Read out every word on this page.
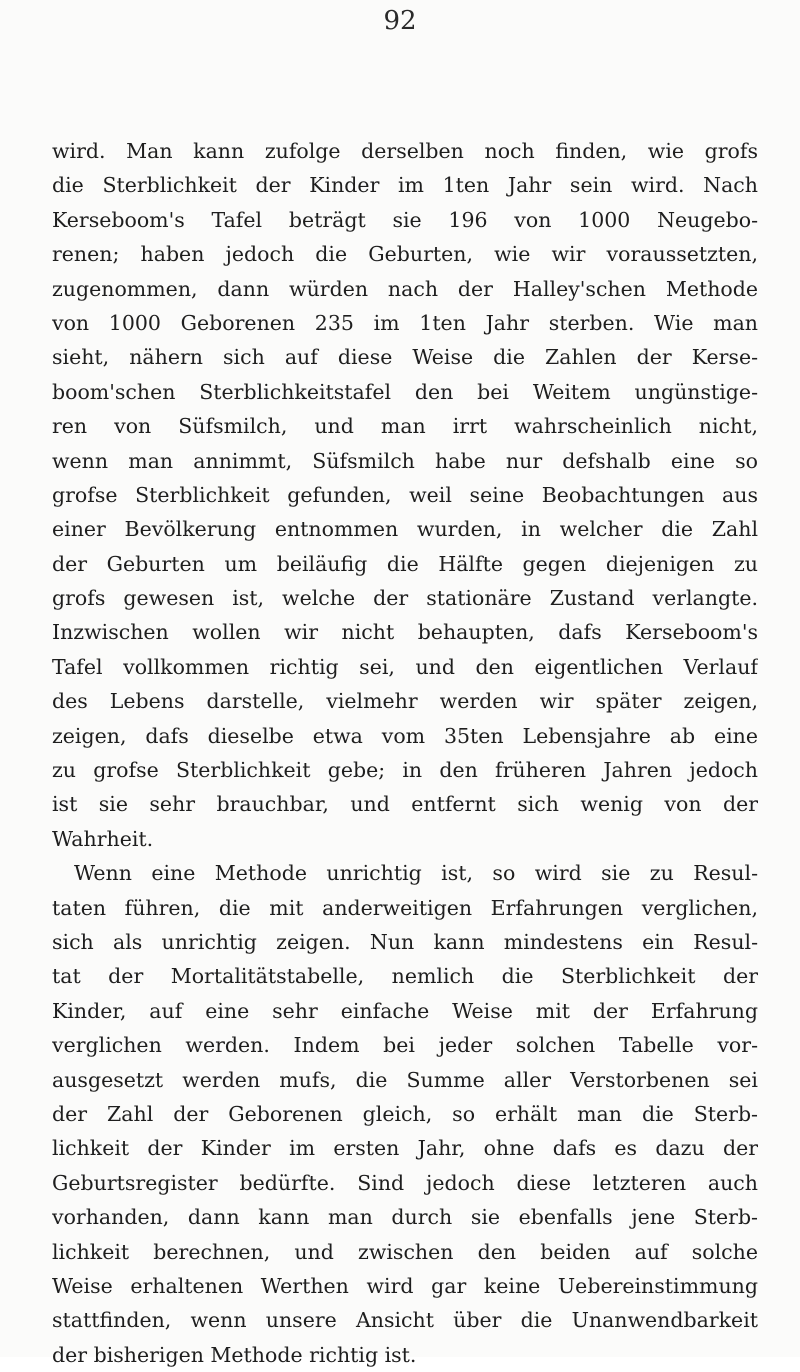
92
wird. Man kann zufolge derselben noch finden, wie grofs
die Sterblichkeit der Kinder im 1ten Jahr sein wird. Nach
Kerseboom's Tafel beträgt sie 196 von 1000 Neugebo-
renen; haben jedoch die Geburten, wie wir voraussetzten,
zugenommen, dann würden nach der Halley'schen Methode
von 1000 Geborenen 235 im 1ten Jahr sterben. Wie man
sieht, nähern sich auf diese Weise die Zahlen der Kerse-
boom'schen Sterblichkeitstafel den bei Weitem ungünstige-
ren von Süfsmilch, und man irrt wahrscheinlich nicht,
wenn man annimmt, Süfsmilch habe nur defshalb eine so
grofse Sterblichkeit gefunden, weil seine Beobachtungen aus
einer Bevölkerung entnommen wurden, in welcher die Zahl
der Geburten um beiläufig die Hälfte gegen diejenigen zu
grofs gewesen ist, welche der stationäre Zustand verlangte.
Inzwischen wollen wir nicht behaupten, dafs Kerseboom's
Tafel vollkommen richtig sei, und den eigentlichen Verlauf
des Lebens darstelle, vielmehr werden wir später zeigen,
zeigen, dafs dieselbe etwa vom 35ten Lebensjahre ab eine
zu grofse Sterblichkeit gebe; in den früheren Jahren jedoch
ist sie sehr brauchbar, und entfernt sich wenig von der
Wahrheit.
Wenn eine Methode unrichtig ist, so wird sie zu Resul-
taten führen, die mit anderweitigen Erfahrungen verglichen,
sich als unrichtig zeigen. Nun kann mindestens ein Resul-
tat der Mortalitätstabelle, nemlich die Sterblichkeit der
Kinder, auf eine sehr einfache Weise mit der Erfahrung
verglichen werden. Indem bei jeder solchen Tabelle vor-
ausgesetzt werden mufs, die Summe aller Verstorbenen sei
der Zahl der Geborenen gleich, so erhält man die Sterb-
lichkeit der Kinder im ersten Jahr, ohne dafs es dazu der
Geburtsregister bedürfte. Sind jedoch diese letzteren auch
vorhanden, dann kann man durch sie ebenfalls jene Sterb-
lichkeit berechnen, und zwischen den beiden auf solche
Weise erhaltenen Werthen wird gar keine Uebereinstimmung
stattfinden, wenn unsere Ansicht über die Unanwendbarkeit
der bisherigen Methode richtig ist.
